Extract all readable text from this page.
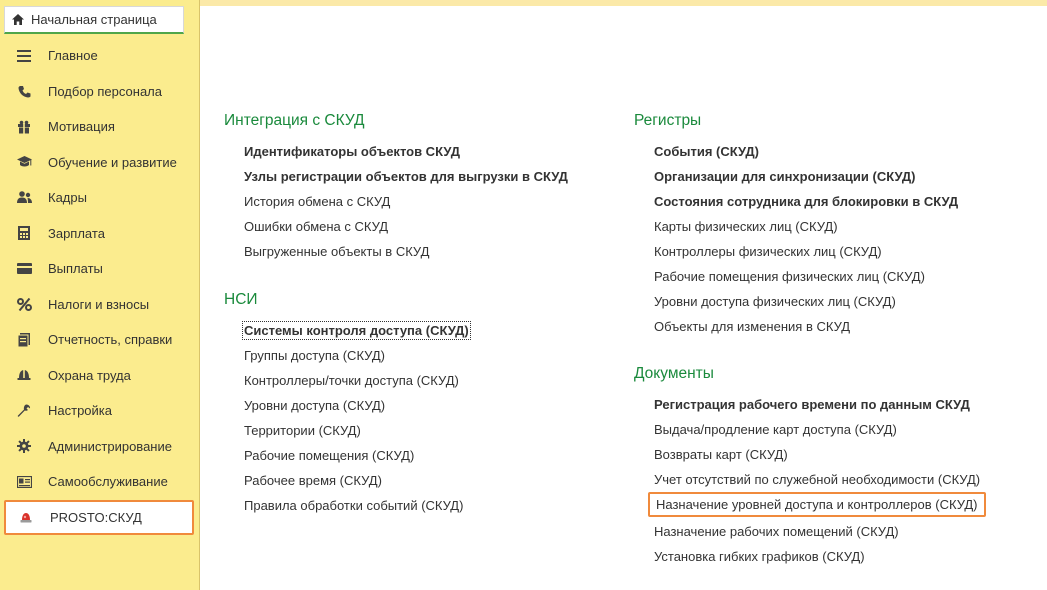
Начальная страница
Главное
Подбор персонала
Мотивация
Обучение и развитие
Кадры
Зарплата
Выплаты
Налоги и взносы
Отчетность, справки
Охрана труда
Настройка
Администрирование
Самообслуживание
PROSTO:СКУД
Интеграция с СКУД
Идентификаторы объектов СКУД
Узлы регистрации объектов для выгрузки в СКУД
История обмена с СКУД
Ошибки обмена с СКУД
Выгруженные объекты в СКУД
НСИ
Системы контроля доступа (СКУД)
Группы доступа (СКУД)
Контроллеры/точки доступа (СКУД)
Уровни доступа (СКУД)
Территории (СКУД)
Рабочие помещения (СКУД)
Рабочее время (СКУД)
Правила обработки событий (СКУД)
Регистры
События (СКУД)
Организации для синхронизации (СКУД)
Состояния сотрудника для блокировки в СКУД
Карты физических лиц (СКУД)
Контроллеры физических лиц (СКУД)
Рабочие помещения физических лиц (СКУД)
Уровни доступа физических лиц (СКУД)
Объекты для изменения в СКУД
Документы
Регистрация рабочего времени по данным СКУД
Выдача/продление карт доступа (СКУД)
Возвраты карт (СКУД)
Учет отсутствий по служебной необходимости (СКУД)
Назначение уровней доступа и контроллеров (СКУД)
Назначение рабочих помещений (СКУД)
Установка гибких графиков (СКУД)
